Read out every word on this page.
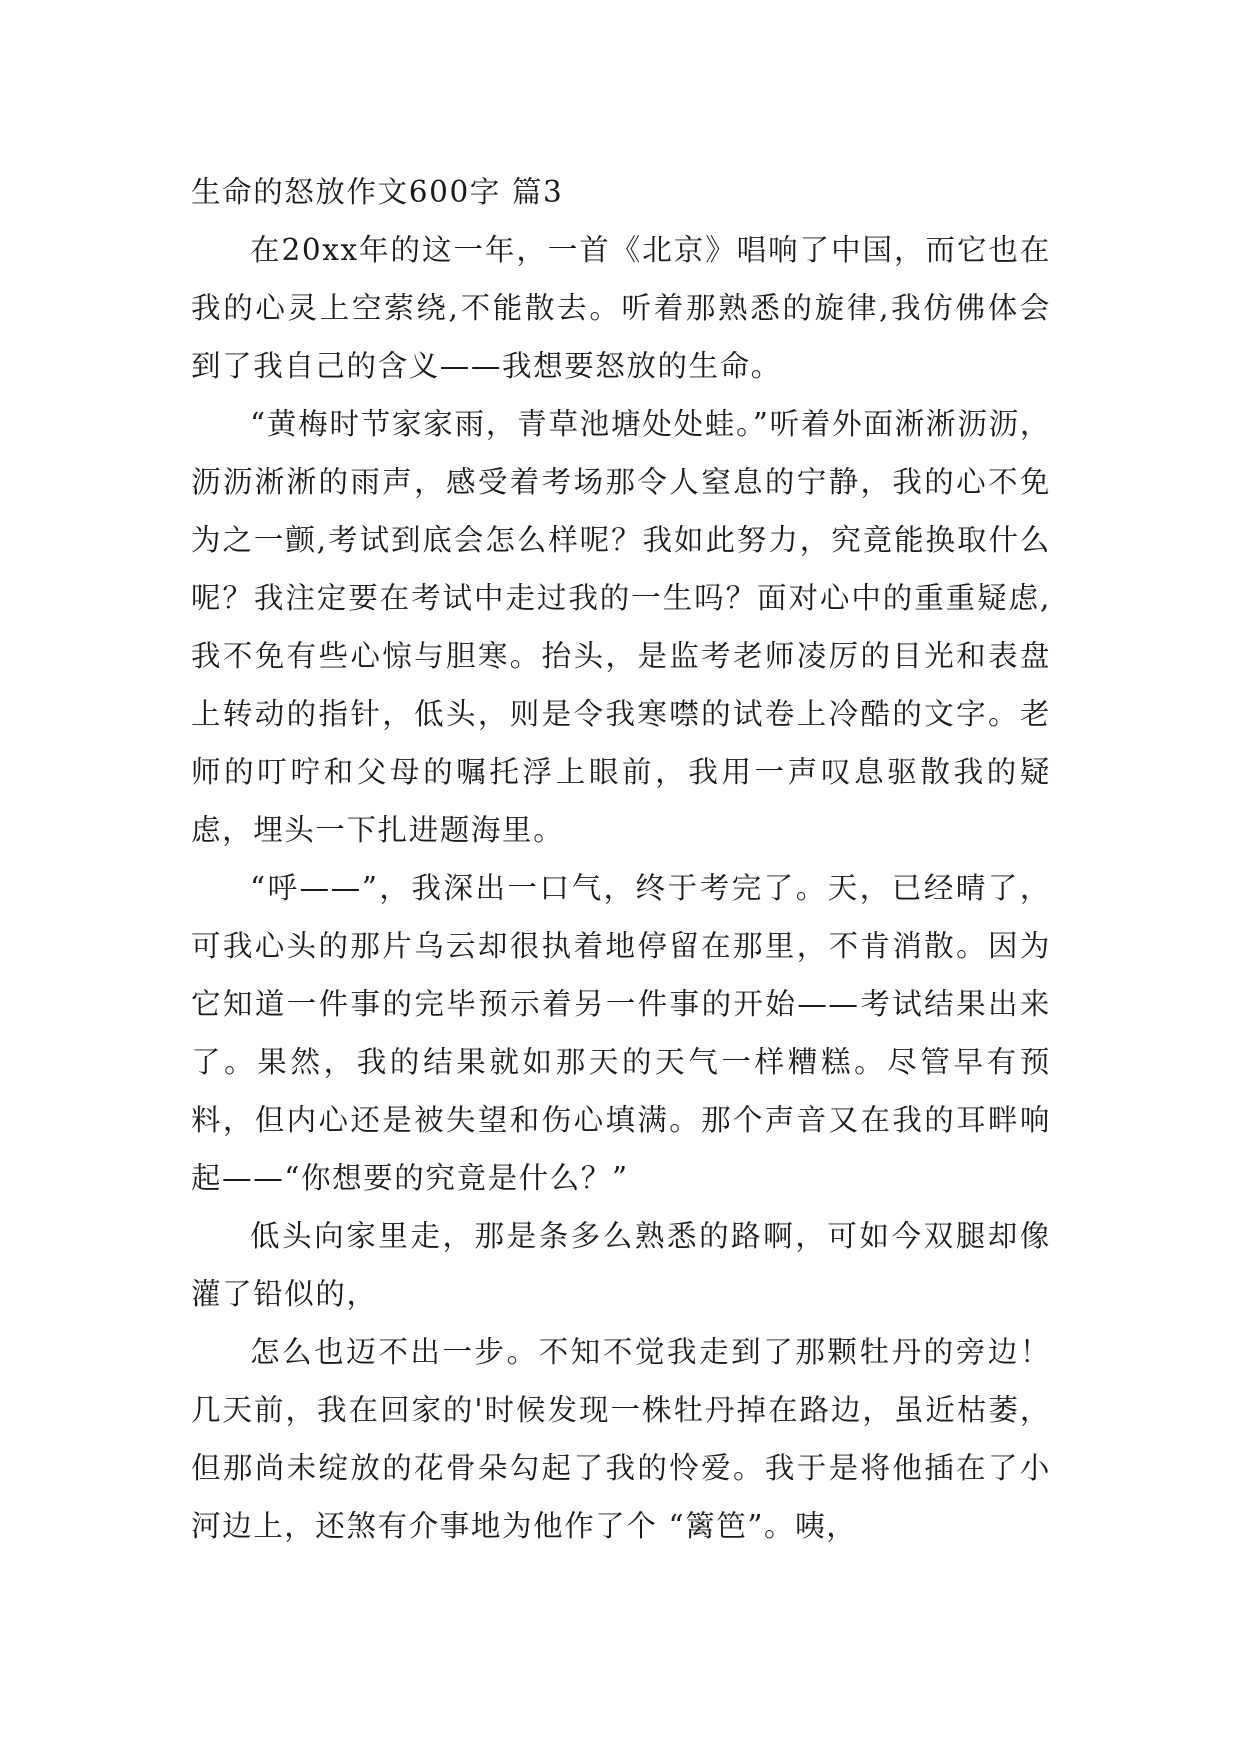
生命的怒放作文600字 篇3

在20xx年的这一年，一首《北京》唱响了中国，而它也在我的心灵上空萦绕,不能散去。听着那熟悉的旋律,我仿佛体会到了我自己的含义——我想要怒放的生命。

“黄梅时节家家雨，青草池塘处处蛙。”听着外面淅淅沥沥，沥沥淅淅的雨声，感受着考场那令人窒息的宁静，我的心不免为之一颤,考试到底会怎么样呢？我如此努力，究竟能换取什么呢？我注定要在考试中走过我的一生吗？面对心中的重重疑虑,我不免有些心惊与胆寒。抬头，是监考老师凌厉的目光和表盘上转动的指针，低头，则是令我寒噤的试卷上冷酷的文字。老师的叮咛和父母的嘱托浮上眼前，我用一声叹息驱散我的疑虑，埋头一下扎进题海里。

“呼——”，我深出一口气，终于考完了。天，已经晴了，可我心头的那片乌云却很执着地停留在那里，不肯消散。因为它知道一件事的完毕预示着另一件事的开始——考试结果出来了。果然，我的结果就如那天的天气一样糟糕。尽管早有预料，但内心还是被失望和伤心填满。那个声音又在我的耳畔响起——“你想要的究竟是什么？”

低头向家里走，那是条多么熟悉的路啊，可如今双腿却像灌了铅似的，

怎么也迈不出一步。不知不觉我走到了那颗牡丹的旁边！几天前，我在回家的'时候发现一株牡丹掉在路边，虽近枯萎，但那尚未绽放的花骨朵勾起了我的怜爱。我于是将他插在了小河边上，还煞有介事地为他作了个 “篱笆”。咦，
